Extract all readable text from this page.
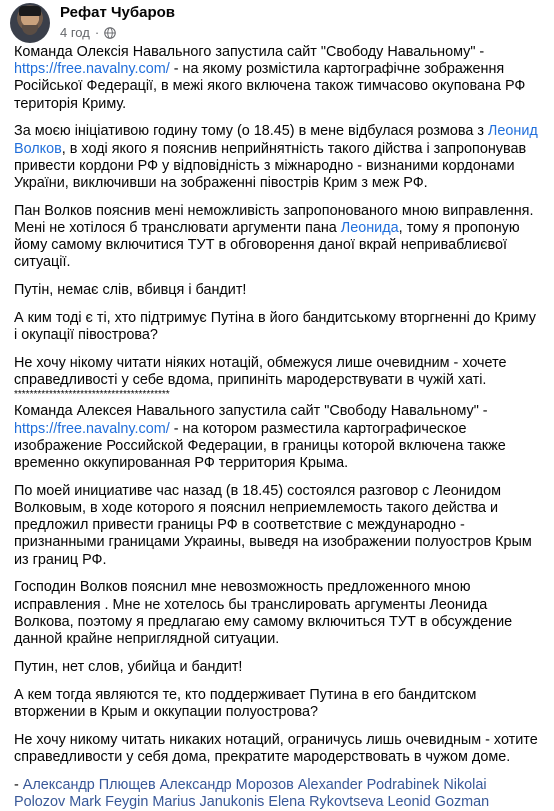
Рефат Чубаров
4 год ·

Команда Олексія Навального запустила сайт "Свободу Навальному" - https://free.navalny.com/ - на якому розмістила картографічне зображення Російської Федерації, в межі якого включена також тимчасово окупована РФ територія Криму.

За моєю ініціативою годину тому (о 18.45) в мене відбулася розмова з Леонид Волков, в ході якого я пояснив неприйнятність такого дійства і запропонував привести кордони РФ у відповідність з міжнародно - визнаними кордонами України, виключивши на зображенні півострів Крим з меж РФ.

Пан Волков пояснив мені неможливість запропонованого мною виправлення. Мені не хотілося б транслювати аргументи пана Леонида, тому я пропоную йому самому включитися ТУТ в обговорення даної вкрай неприваблиєвої ситуації.

Путін, немає слів, вбивця і бандит!

А ким тоді є ті, хто підтримує Путіна в його бандитському вторгненні до Криму і окупації півострова?

Не хочу нікому читати ніяких нотацій, обмежуся лише очевидним - хочете справедливості у себе вдома, припиніть мародерствувати в чужій хаті.

****************************************

Команда Алексея Навального запустила сайт "Свободу Навальному" - https://free.navalny.com/ - на котором разместила картографическое изображение Российской Федерации, в границы которой включена также временно оккупированная РФ территория Крыма.

По моей инициативе час назад (в 18.45) состоялся разговор с Леонидом Волковым, в ходе которого я пояснил неприемлемость такого действа и предложил привести границы РФ в соответствие с международно - признанными границами Украины, выведя на изображении полуостров Крым из границ РФ.

Господин Волков пояснил мне невозможность предложенного мною исправления . Мне не хотелось бы транслировать аргументы Леонида Волкова, поэтому я предлагаю ему самому включиться ТУТ в обсуждение данной крайне неприглядной ситуации.

Путин, нет слов, убийца и бандит!

А кем тогда являются те, кто поддерживает Путина в его бандитском вторжении в Крым и оккупации полуострова?

Не хочу никому читать никаких нотаций, ограничусь лишь очевидным - хотите справедливости у себя дома, прекратите мародерствовать в чужом доме.

- Александр Плющев Александр Морозов Alexander Podrabinek Nikolai Polozov Mark Feygin Marius Janukonis Elena Rykovtseva Leonid Gozman
